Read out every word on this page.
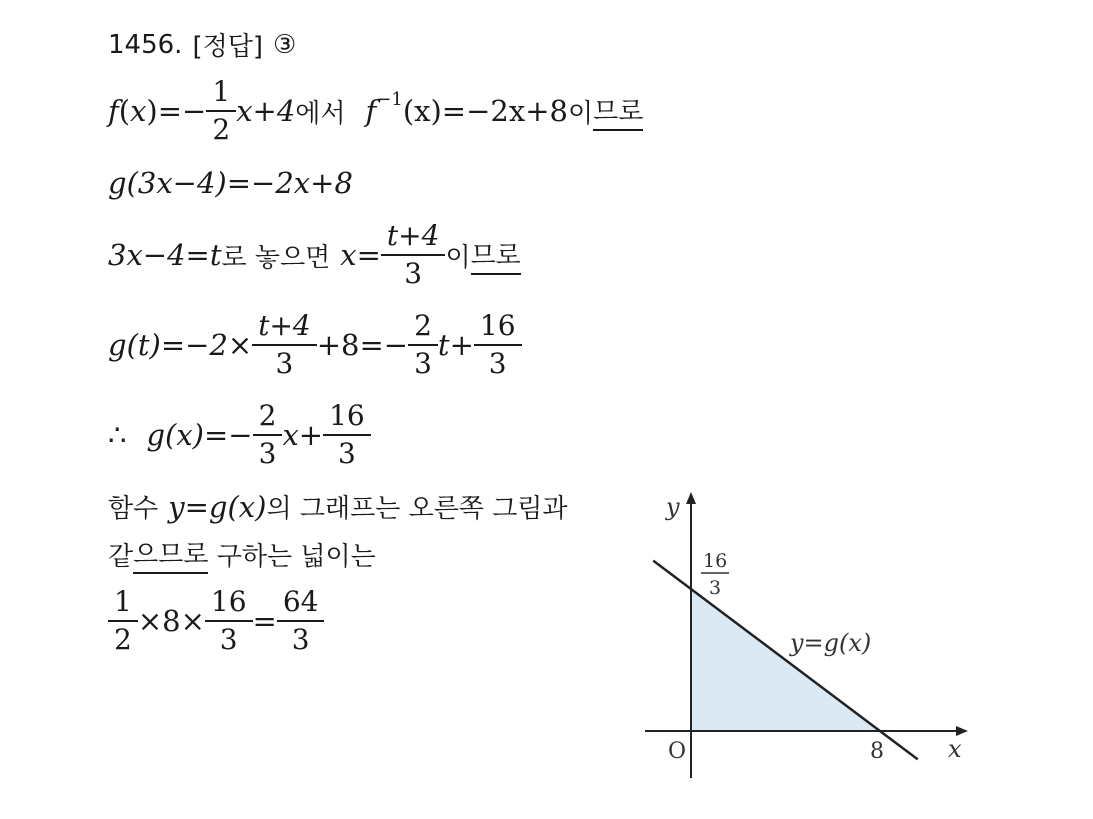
1456. [정답] ③
f ( x ) =− $\frac{1}{2} x+4$ 에서 f −1 (x)=−2x+8 이 므로
g(3x−4)=−2x+8
3x−4=t 로 놓으면 $x= \frac{t+4}{3}$ 이 므로
$g(t)=-2\times \frac{t+4}{3} +8=- \frac{2}{3} t+ \frac{16}{3}$
∴ $g(x)=- \frac{2}{3} x+ \frac{16}{3}$
함수 y=g(x) 의 그래프는 오른쪽 그림과
같 으므로 구하는 넓이는
$\frac{1}{2} \times 8\times \frac{16}{3} = \frac{64}{3}$
y
x
O	8
16
3
y=g(x)
